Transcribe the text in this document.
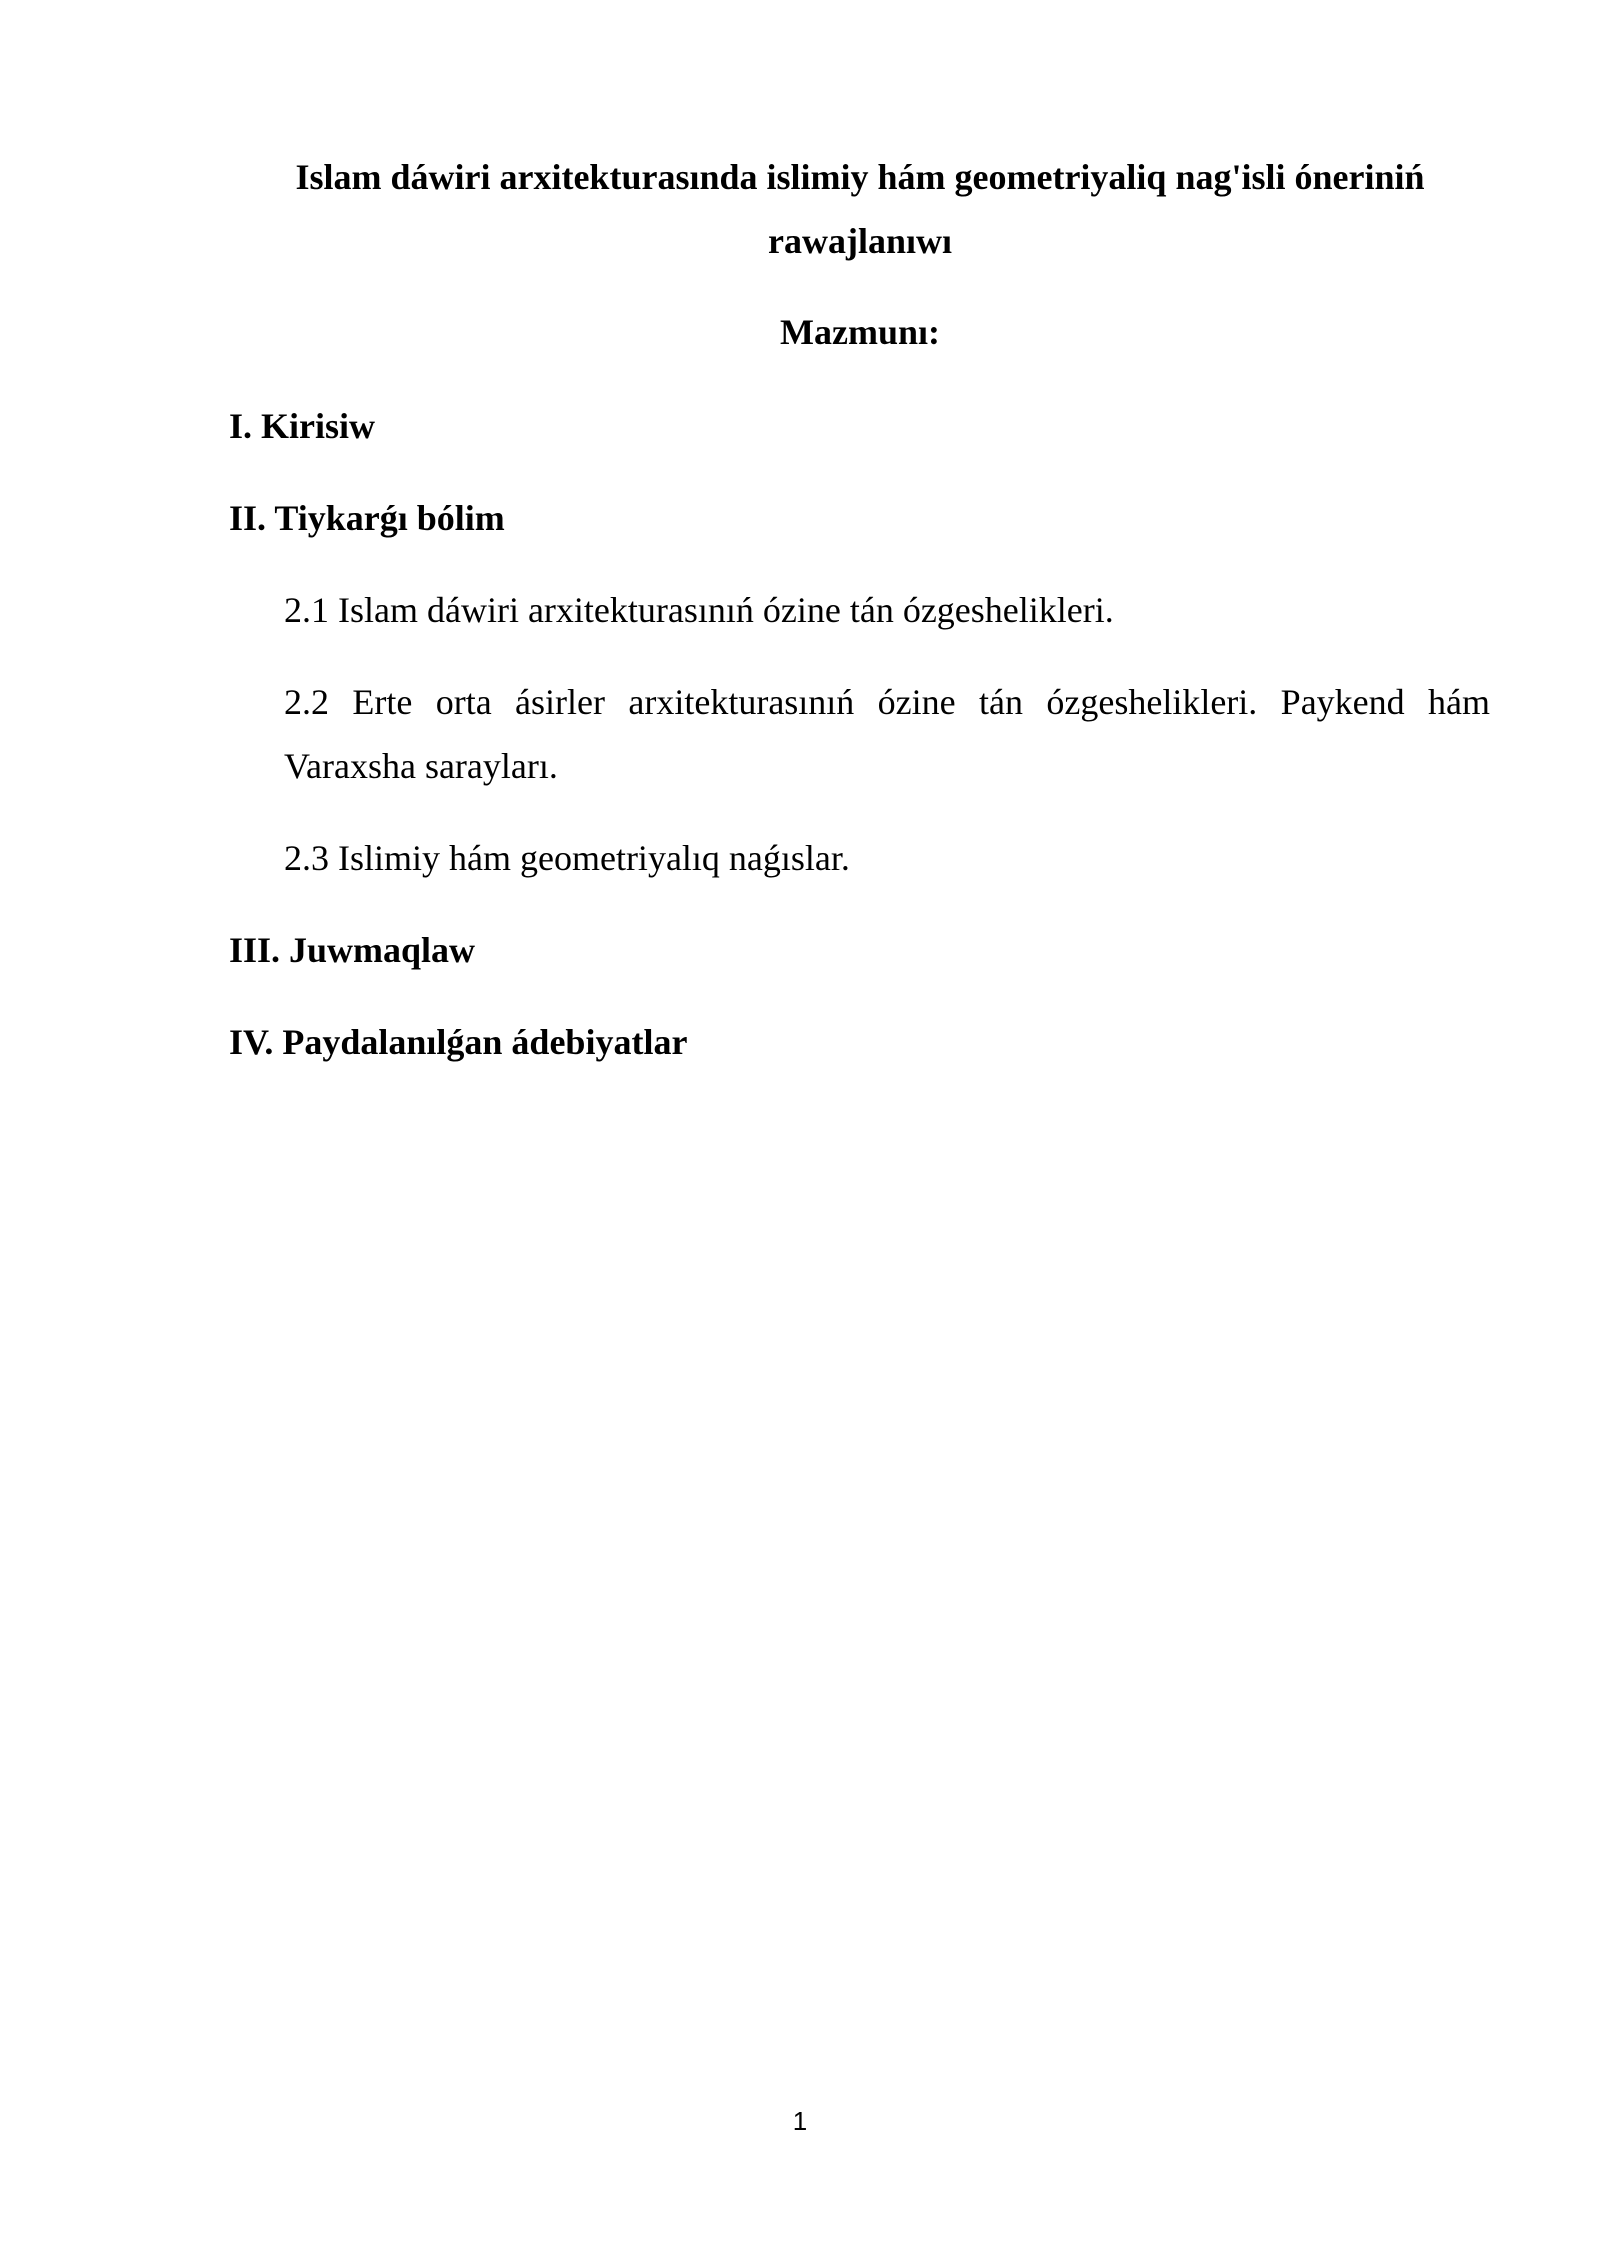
Islam dáwiri arxitekturasında islimiy hám geometriyaliq nag'isli óneriniń rawajlanıwı
Mazmunı:
I. Kirisiw
II. Tiykarǵı bólim
2.1 Islam dáwiri arxitekturasınıń ózine tán ózgeshelikleri.
2.2 Erte orta ásirler arxitekturasınıń ózine tán ózgeshelikleri. Paykend hám Varaxsha sarayları.
2.3 Islimiy hám geometriyalıq naǵıslar.
III. Juwmaqlaw
IV. Paydalanılǵan ádebiyatlar
1
